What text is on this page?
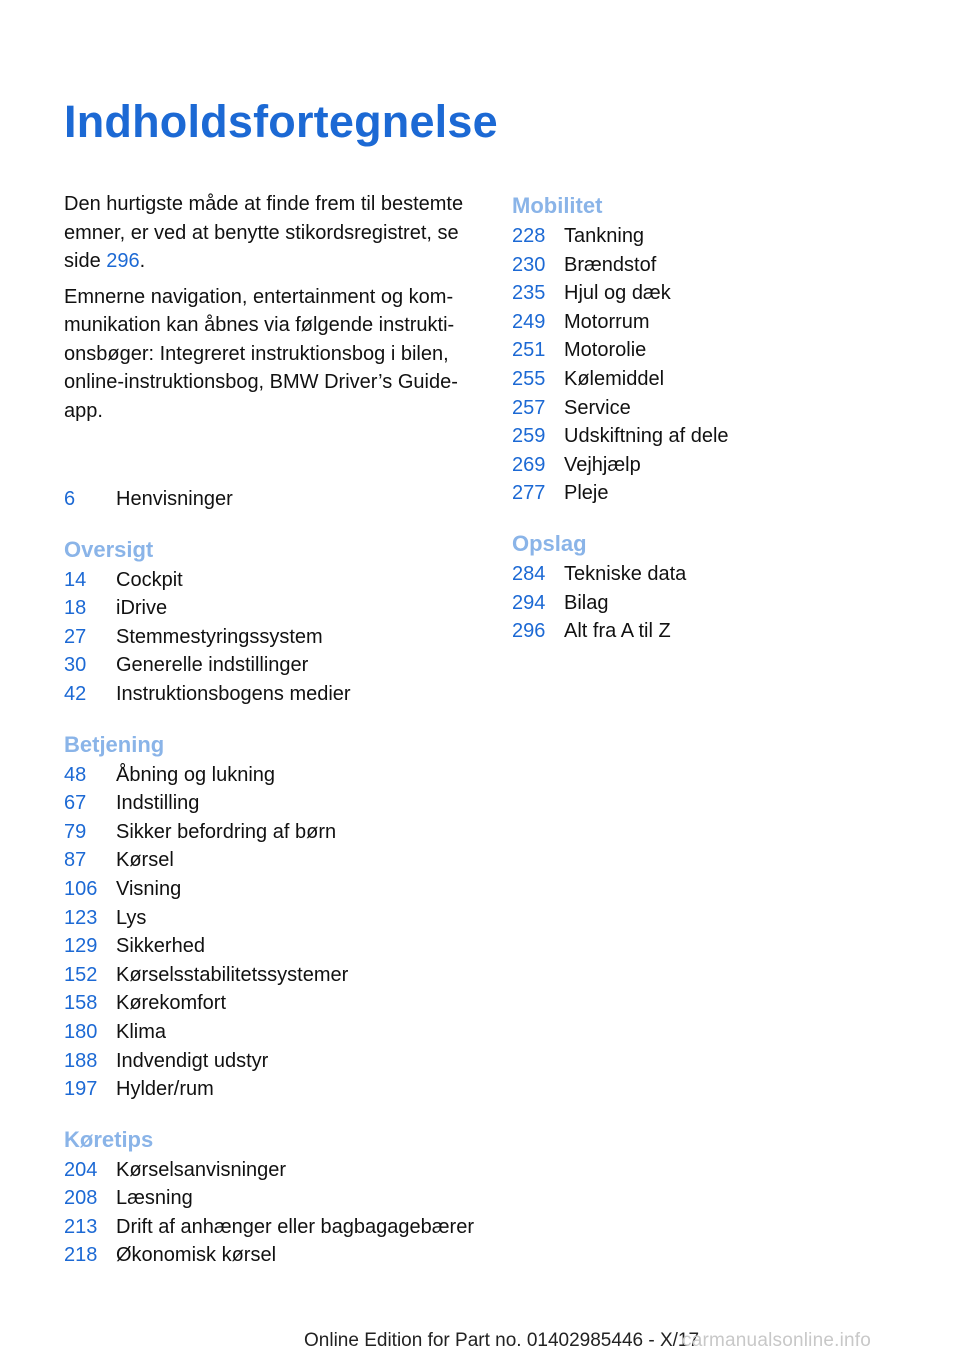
Indholdsfortegnelse

Den hurtigste måde at finde frem til bestemte emner, er ved at benytte stikordsregistret, se side 296.

Emnerne navigation, entertainment og kom-munikation kan åbnes via følgende instrukti-onsbøger: Integreret instruktionsbog i bilen, online-instruktionsbog, BMW Driver’s Guide-app.

6	Henvisninger
Oversigt
14	Cockpit
18	iDrive
27	Stemmestyringssystem
30	Generelle indstillinger
42	Instruktionsbogens medier
Betjening
48	Åbning og lukning
67	Indstilling
79	Sikker befordring af børn
87	Kørsel
106 Visning
123 Lys
129 Sikkerhed
152 Kørselsstabilitetssystemer
158 Kørekomfort
180 Klima
188 Indvendigt udstyr
197 Hylder/rum
Køretips
204 Kørselsanvisninger
208 Læsning
213 Drift af anhænger eller bagbagagebærer
218 Økonomisk kørsel
Mobilitet
228 Tankning
230 Brændstof
235 Hjul og dæk
249 Motorrum
251 Motorolie
255 Kølemiddel
257 Service
259 Udskiftning af dele
269 Vejhjælp
277 Pleje
Opslag
284 Tekniske data
294 Bilag
296 Alt fra A til Z
Online Edition for Part no. 01402985446 - X/17
carmanualsonline.info
